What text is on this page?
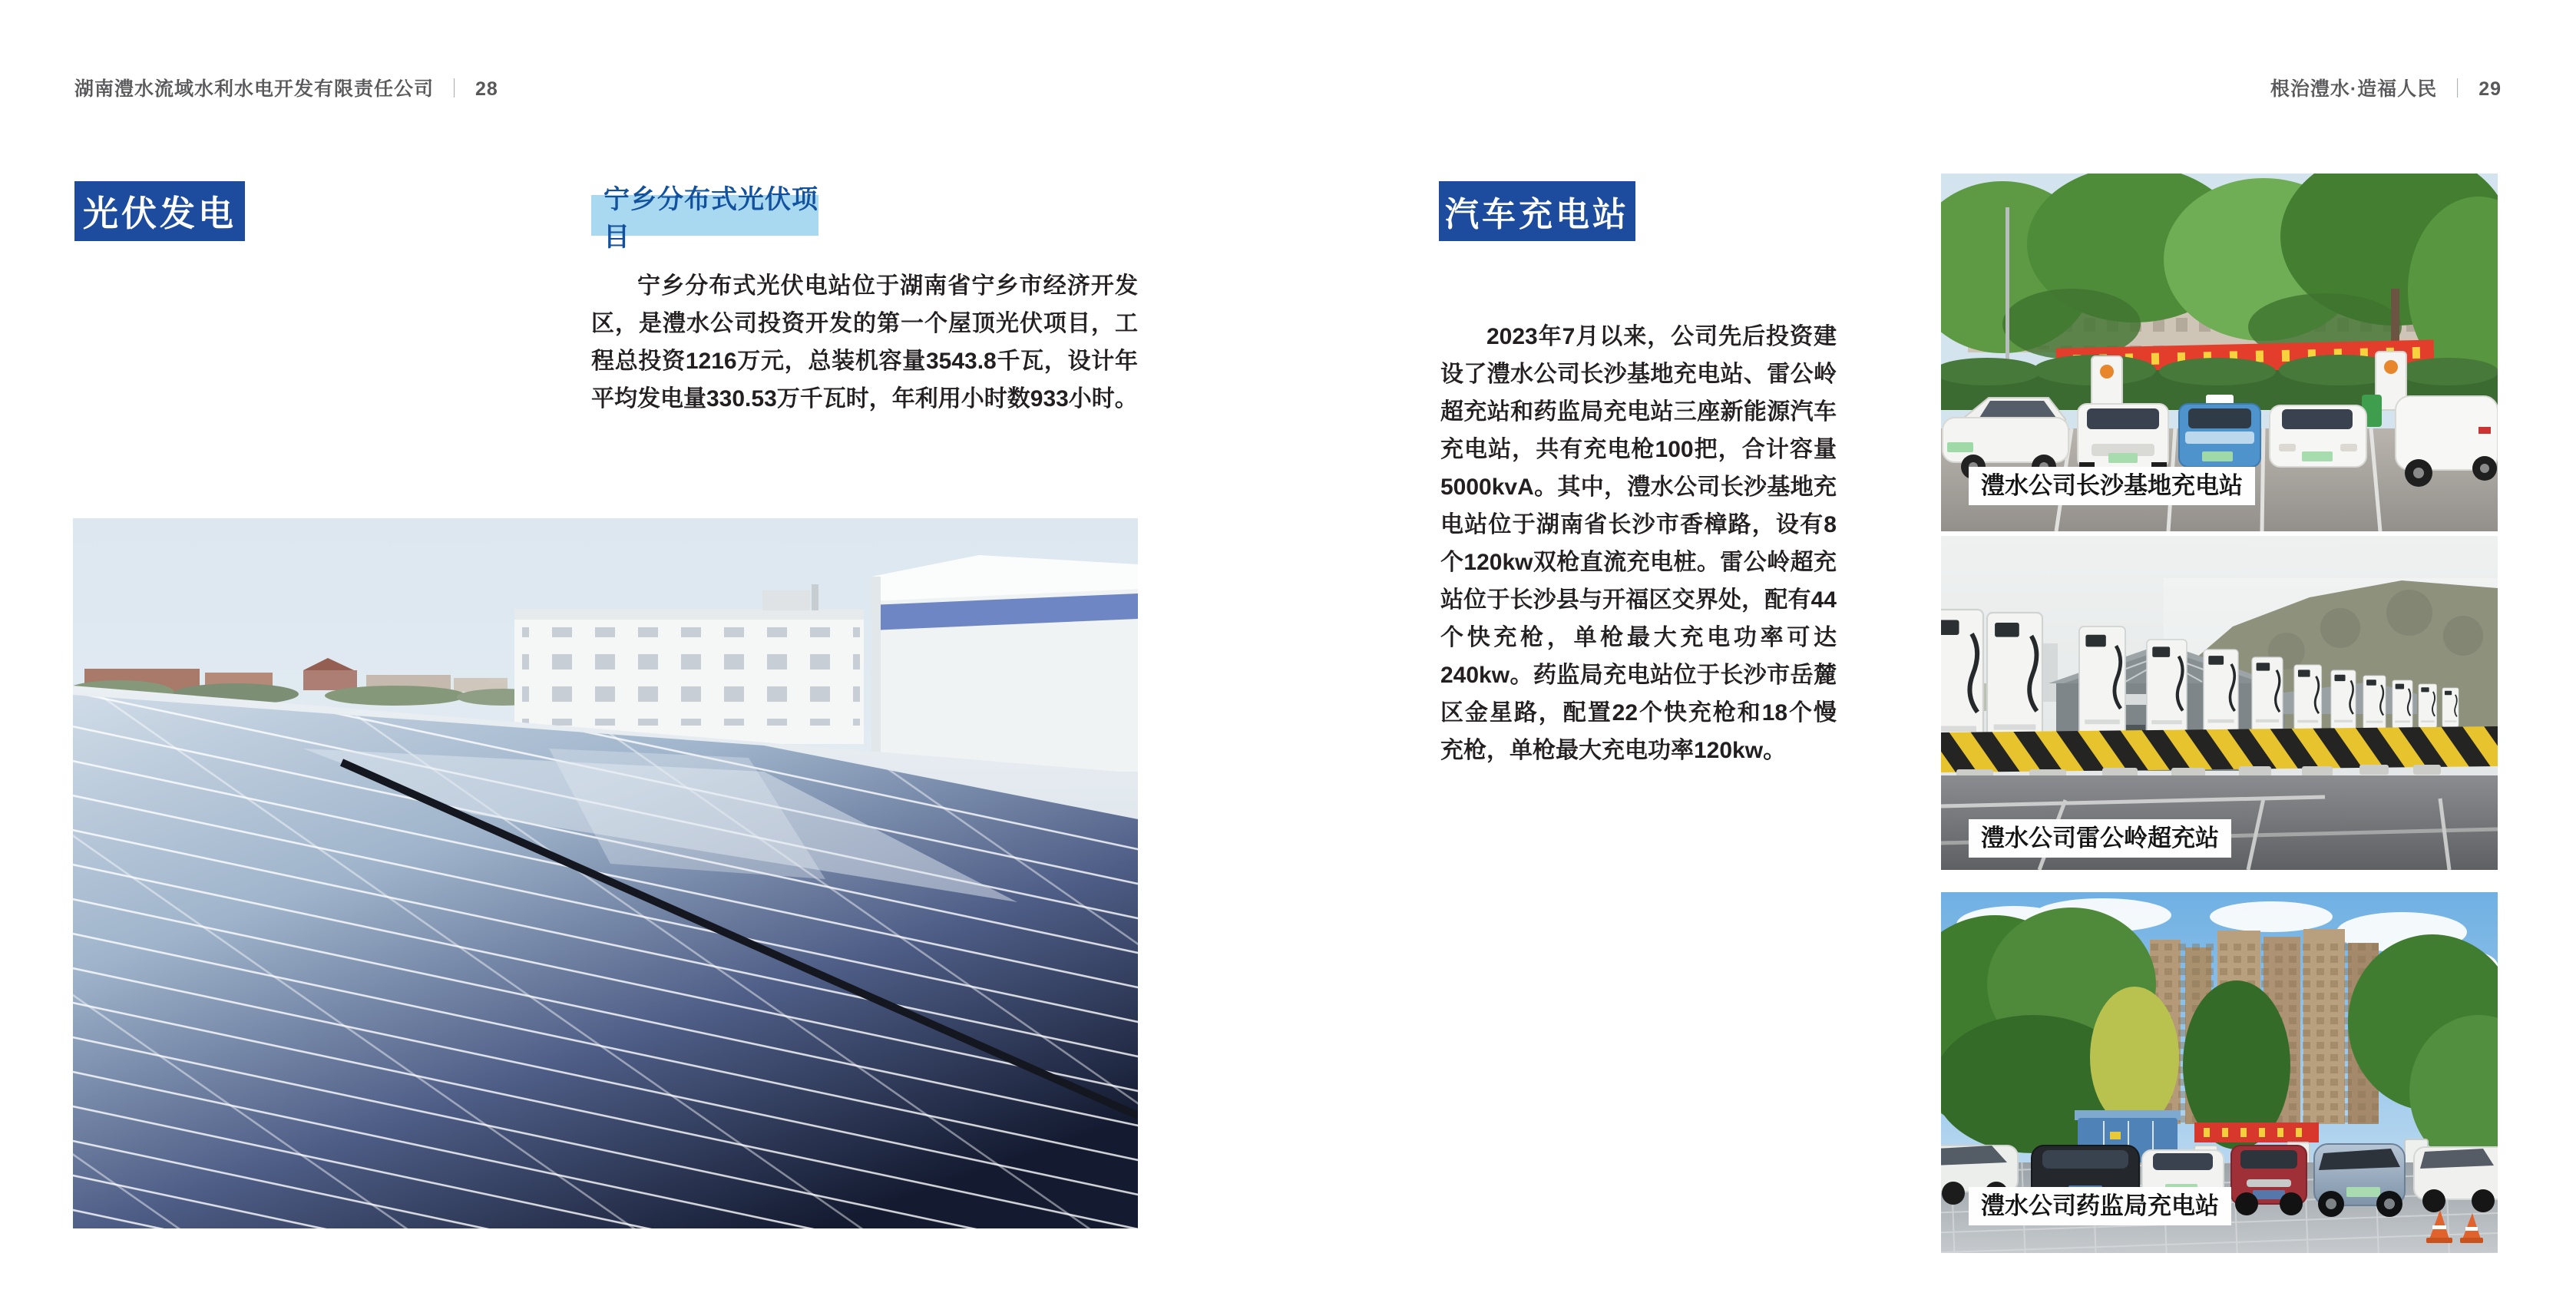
湖南澧水流域水利水电开发有限责任公司 ｜ 28	根治澧水·造福人民 ｜ 29
光伏发电	宁乡分布式光伏项目
宁乡分布式光伏电站位于湖南省宁乡市经济开发区，是澧水公司投资开发的第一个屋顶光伏项目，工程总投资1216万元，总装机容量3543.8千瓦，设计年平均发电量330.53万千瓦时，年利用小时数933小时。
汽车充电站
2023年7月以来，公司先后投资建设了澧水公司长沙基地充电站、雷公岭超充站和药监局充电站三座新能源汽车充电站，共有充电枪100把，合计容量5000kvA。其中，澧水公司长沙基地充电站位于湖南省长沙市香樟路，设有8个120kw双枪直流充电桩。雷公岭超充站位于长沙县与开福区交界处，配有44个快充枪，单枪最大充电功率可达240kw。药监局充电站位于长沙市岳麓区金星路，配置22个快充枪和18个慢充枪，单枪最大充电功率120kw。
澧水公司长沙基地充电站
澧水公司雷公岭超充站
澧水公司药监局充电站
